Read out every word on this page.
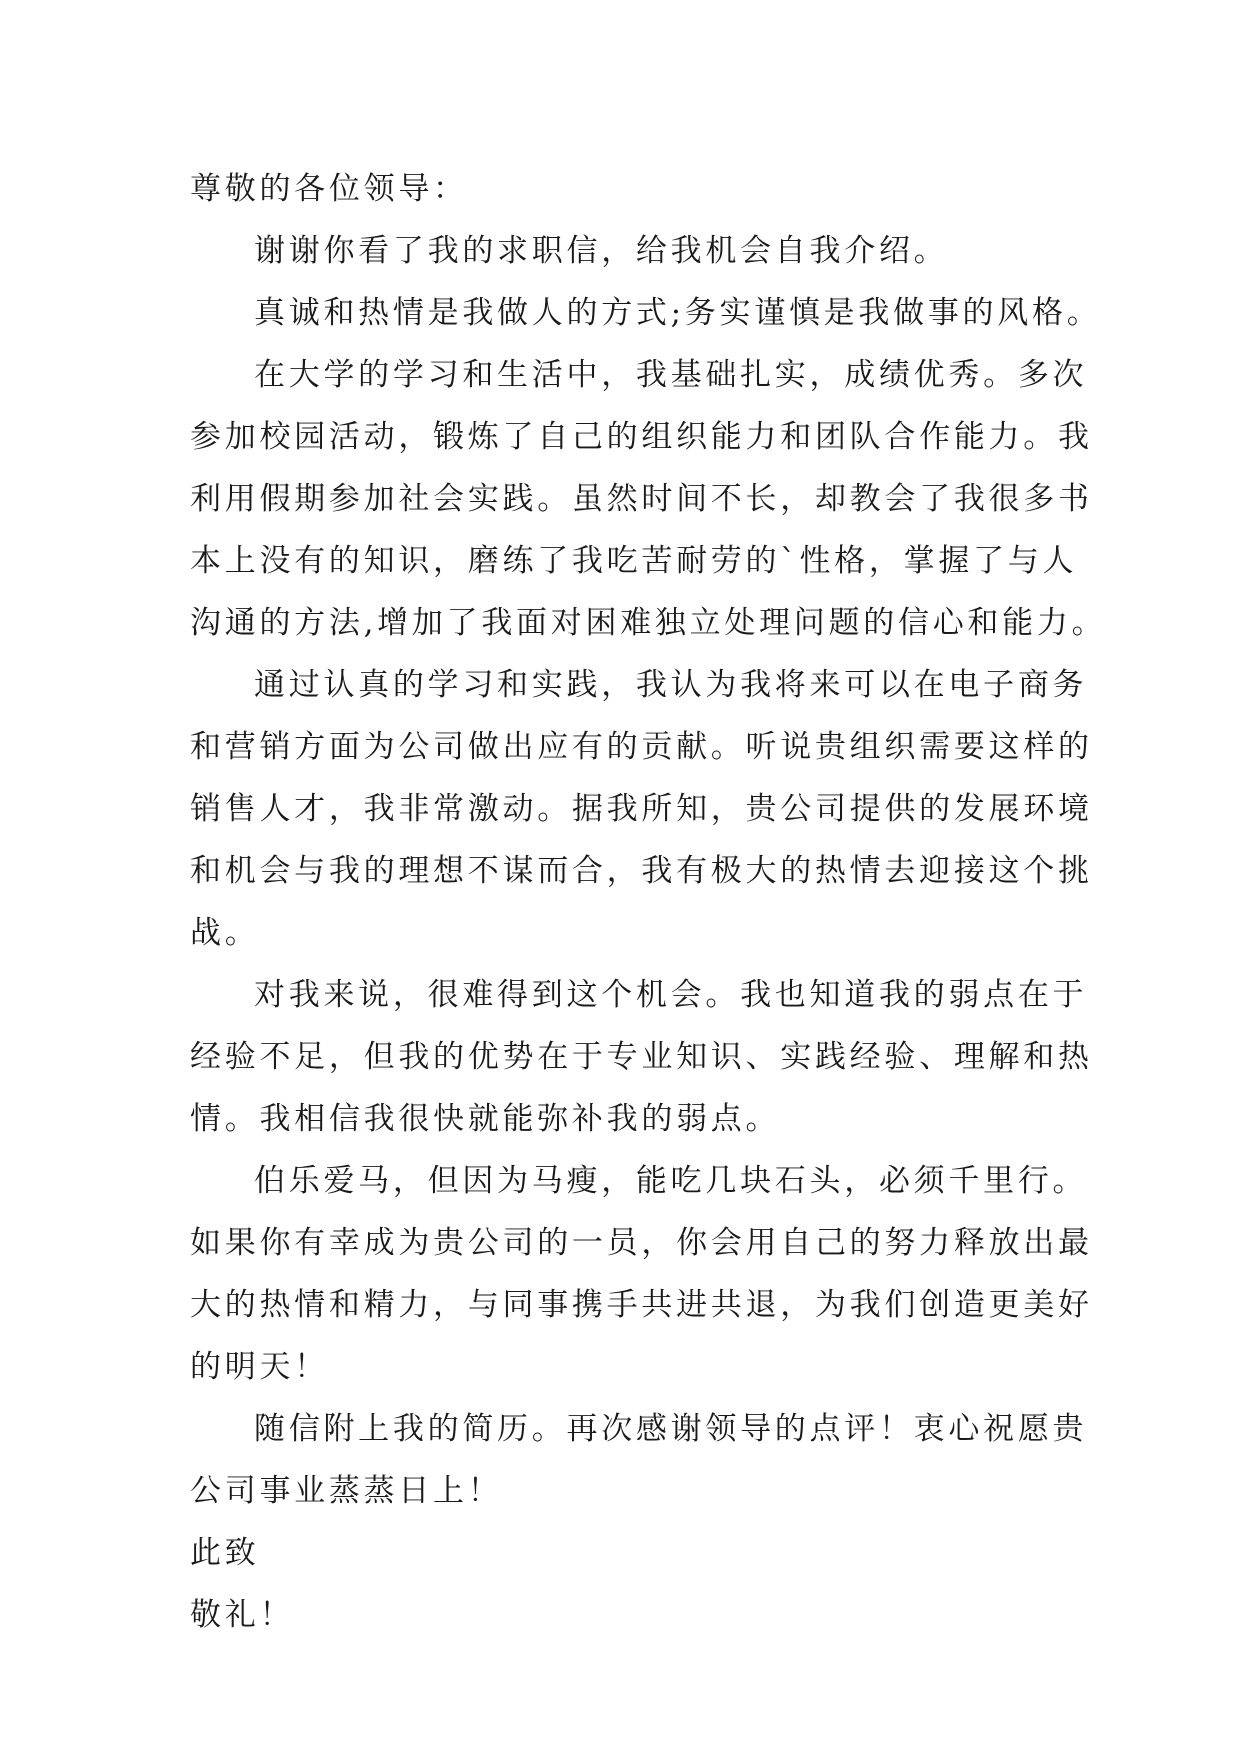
尊敬的各位领导：
谢谢你看了我的求职信，给我机会自我介绍。
真诚和热情是我做人的方式;务实谨慎是我做事的风格。
在大学的学习和生活中，我基础扎实，成绩优秀。多次
参加校园活动，锻炼了自己的组织能力和团队合作能力。我
利用假期参加社会实践。虽然时间不长，却教会了我很多书
本上没有的知识，磨练了我吃苦耐劳的`性格，掌握了与人
沟通的方法,增加了我面对困难独立处理问题的信心和能力。
通过认真的学习和实践，我认为我将来可以在电子商务
和营销方面为公司做出应有的贡献。听说贵组织需要这样的
销售人才，我非常激动。据我所知，贵公司提供的发展环境
和机会与我的理想不谋而合，我有极大的热情去迎接这个挑
战。
对我来说，很难得到这个机会。我也知道我的弱点在于
经验不足，但我的优势在于专业知识、实践经验、理解和热
情。我相信我很快就能弥补我的弱点。
伯乐爱马，但因为马瘦，能吃几块石头，必须千里行。
如果你有幸成为贵公司的一员，你会用自己的努力释放出最
大的热情和精力，与同事携手共进共退，为我们创造更美好
的明天！
随信附上我的简历。再次感谢领导的点评！衷心祝愿贵
公司事业蒸蒸日上！
此致
敬礼！
